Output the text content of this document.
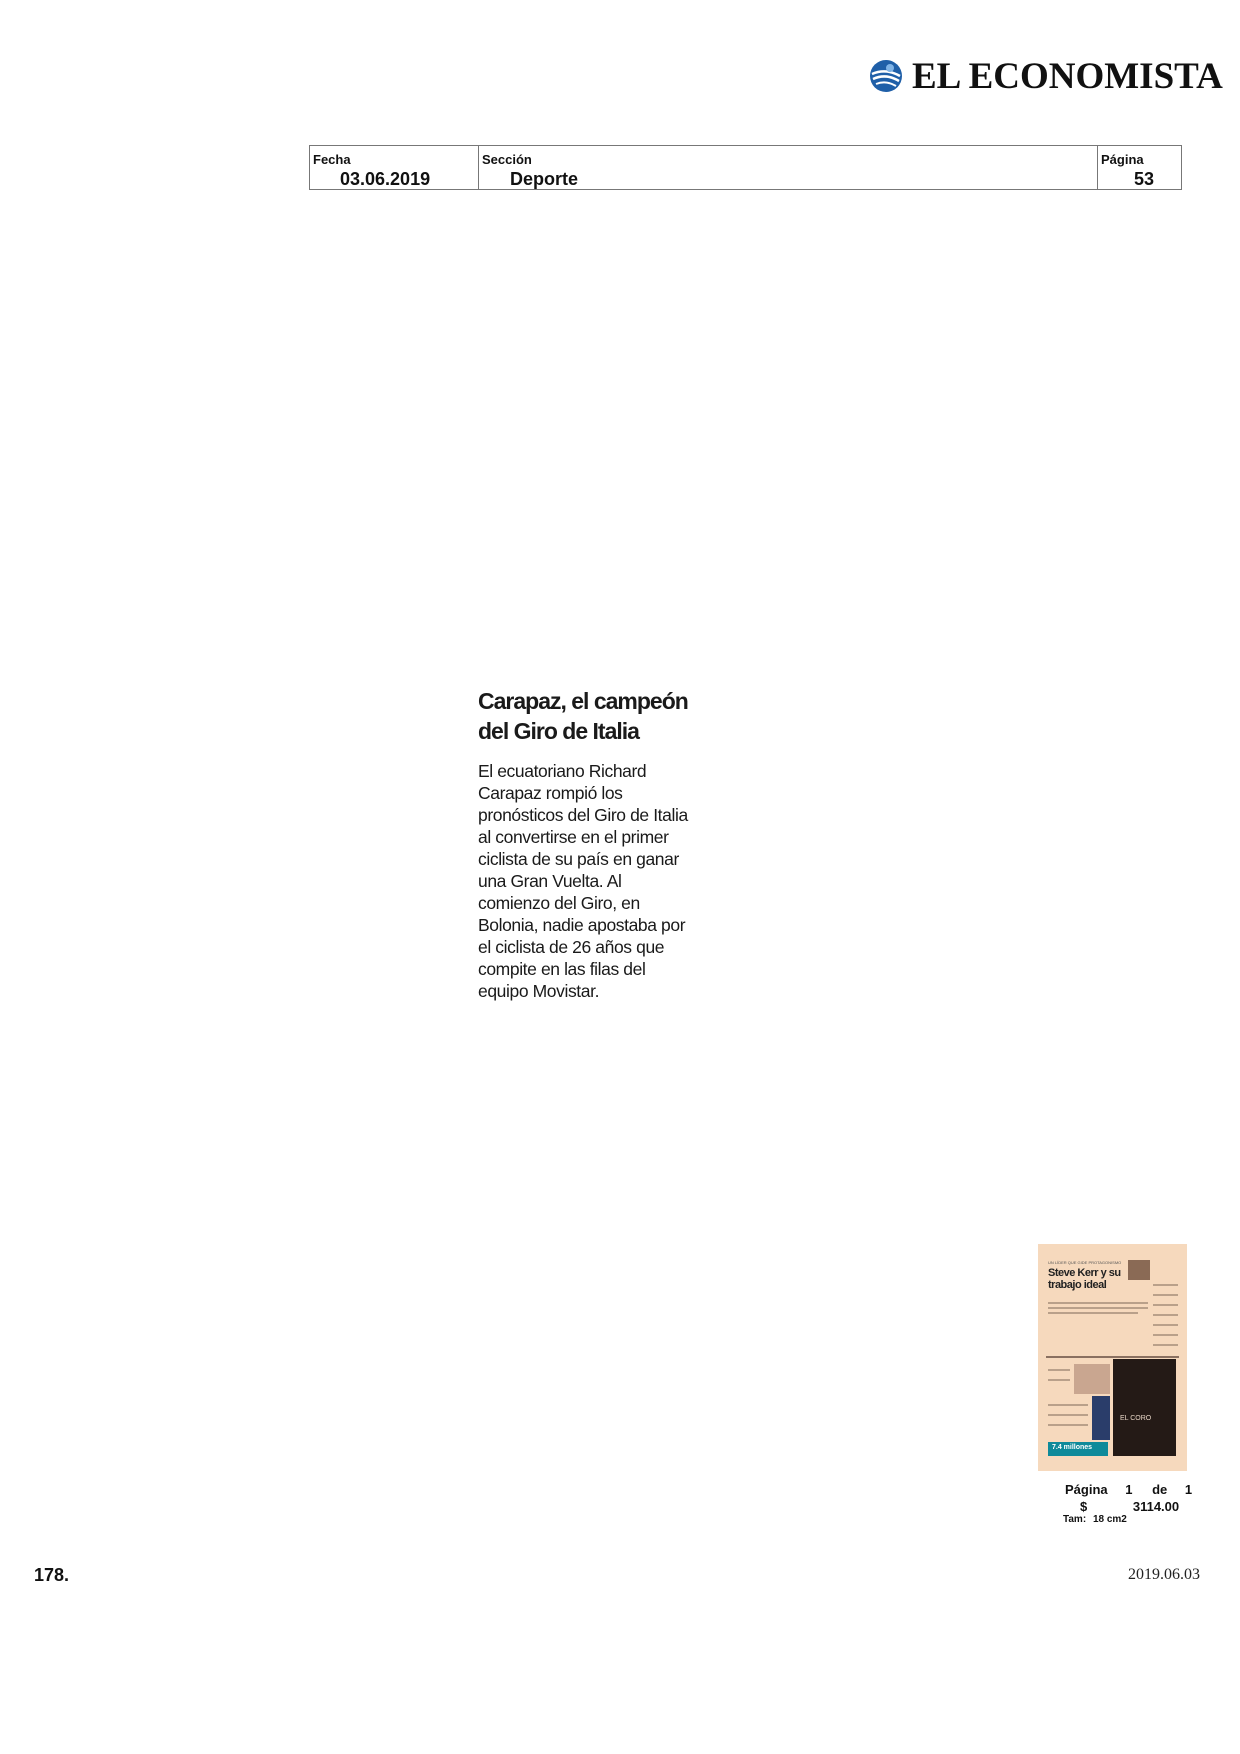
EL ECONOMISTA
Fecha
03.06.2019
Sección
Deporte
Página
53
Carapaz, el campeón del Giro de Italia

El ecuatoriano Richard Carapaz rompió los pronósticos del Giro de Italia al convertirse en el primer ciclista de su país en ganar una Gran Vuelta. Al comienzo del Giro, en Bolonia, nadie apostaba por el ciclista de 26 años que compite en las filas del equipo Movistar.

UN LÍDER QUE GIDE PROTAGONISMO
Steve Kerr y su trabajo ideal
EL CORO
7.4 millones
Página 1 de 1
$	3114.00
Tam: 18 cm2
178.	2019.06.03
